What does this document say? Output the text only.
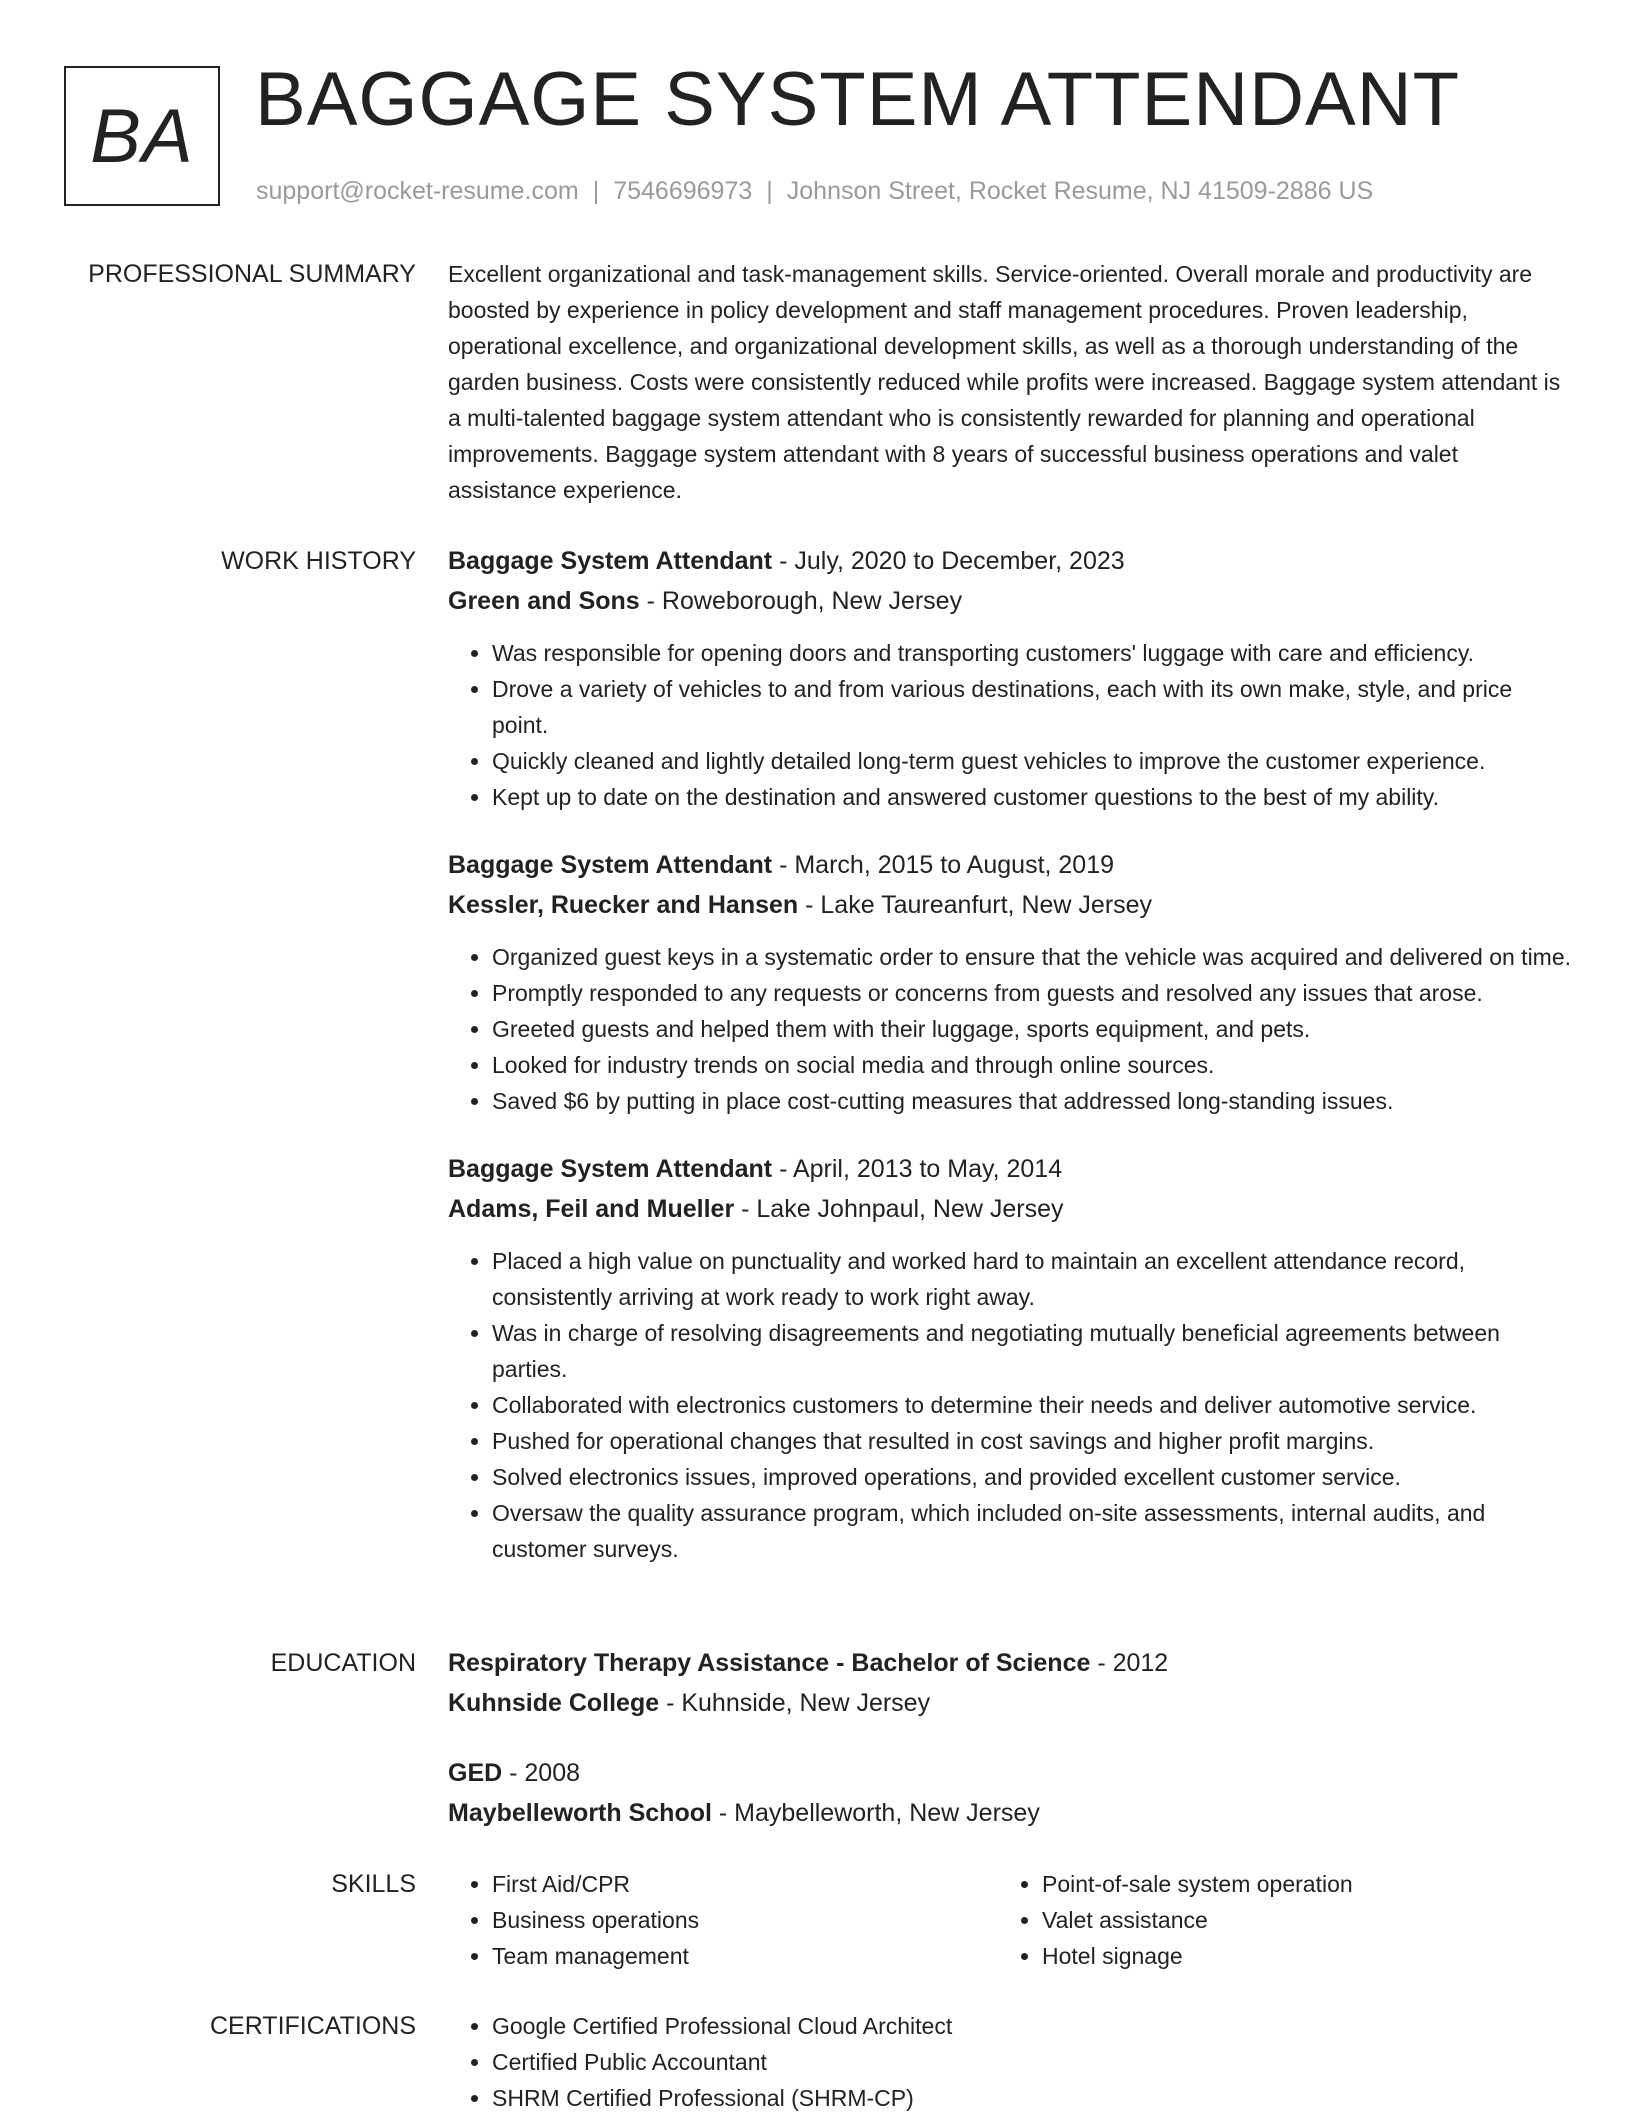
BA BAGGAGE SYSTEM ATTENDANT
support@rocket-resume.com | 7546696973 | Johnson Street, Rocket Resume, NJ 41509-2886 US
PROFESSIONAL SUMMARY Excellent organizational and task-management skills. Service-oriented. Overall morale and productivity are boosted by experience in policy development and staff management procedures. Proven leadership, operational excellence, and organizational development skills, as well as a thorough understanding of the garden business. Costs were consistently reduced while profits were increased. Baggage system attendant is a multi-talented baggage system attendant who is consistently rewarded for planning and operational improvements. Baggage system attendant with 8 years of successful business operations and valet assistance experience.

WORK HISTORY Baggage System Attendant - July, 2020 to December, 2023
Green and Sons - Roweborough, New Jersey
• Was responsible for opening doors and transporting customers' luggage with care and efficiency.
• Drove a variety of vehicles to and from various destinations, each with its own make, style, and price point.
• Quickly cleaned and lightly detailed long-term guest vehicles to improve the customer experience.
• Kept up to date on the destination and answered customer questions to the best of my ability.
Baggage System Attendant - March, 2015 to August, 2019
Kessler, Ruecker and Hansen - Lake Taureanfurt, New Jersey
• Organized guest keys in a systematic order to ensure that the vehicle was acquired and delivered on time.
• Promptly responded to any requests or concerns from guests and resolved any issues that arose.
• Greeted guests and helped them with their luggage, sports equipment, and pets.
• Looked for industry trends on social media and through online sources.
• Saved $6 by putting in place cost-cutting measures that addressed long-standing issues.
Baggage System Attendant - April, 2013 to May, 2014
Adams, Feil and Mueller - Lake Johnpaul, New Jersey
• Placed a high value on punctuality and worked hard to maintain an excellent attendance record, consistently arriving at work ready to work right away.
• Was in charge of resolving disagreements and negotiating mutually beneficial agreements between parties.
• Collaborated with electronics customers to determine their needs and deliver automotive service.
• Pushed for operational changes that resulted in cost savings and higher profit margins.
• Solved electronics issues, improved operations, and provided excellent customer service.
• Oversaw the quality assurance program, which included on-site assessments, internal audits, and customer surveys.
EDUCATION Respiratory Therapy Assistance - Bachelor of Science - 2012
Kuhnside College - Kuhnside, New Jersey
GED - 2008
Maybelleworth School - Maybelleworth, New Jersey
SKILLS	• First Aid/CPR
• Business operations
• Team management
• Point-of-sale system operation
• Valet assistance
• Hotel signage
CERTIFICATIONS	• Google Certified Professional Cloud Architect
• Certified Public Accountant
• SHRM Certified Professional (SHRM-CP)
